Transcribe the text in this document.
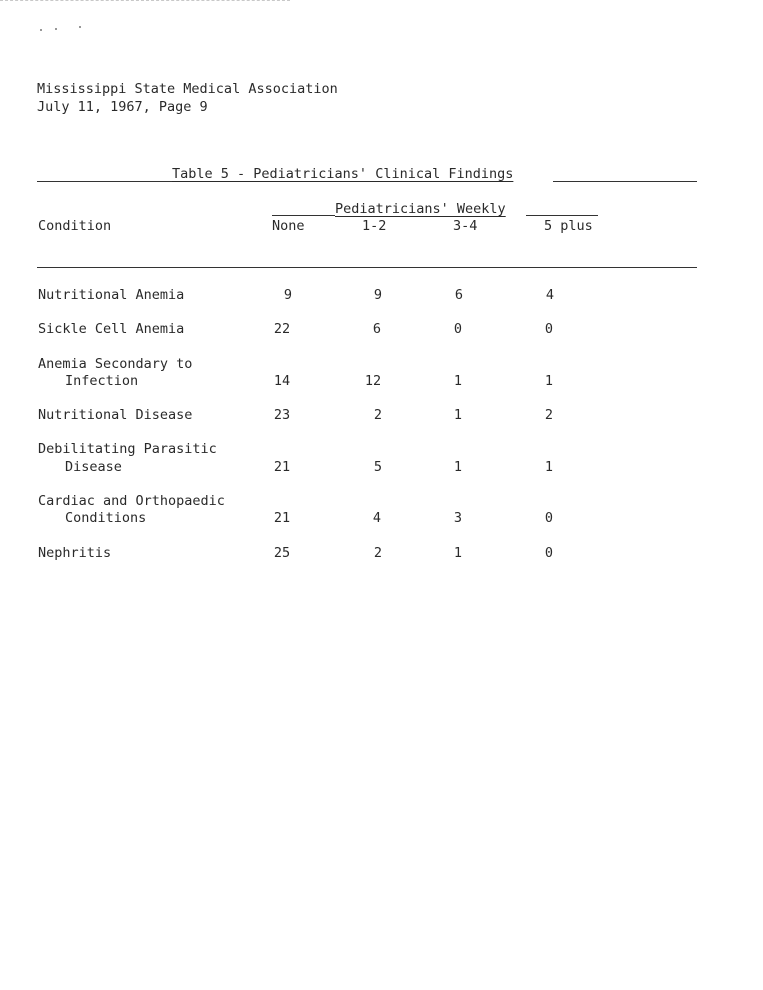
Mississippi State Medical Association
July 11, 1967, Page 9
Table 5 - Pediatricians' Clinical Findings
Pediatricians' Weekly
Condition	None	1-2	3-4	5 plus
Nutritional Anemia	9	9	6	4
Sickle Cell Anemia	22	6	0	0
Anemia Secondary to
Infection	14	12	1	1
Nutritional Disease	23	2	1	2
Debilitating Parasitic
Disease	21	5	1	1
Cardiac and Orthopaedic
Conditions	21	4	3	0
Nephritis	25	2	1	0
